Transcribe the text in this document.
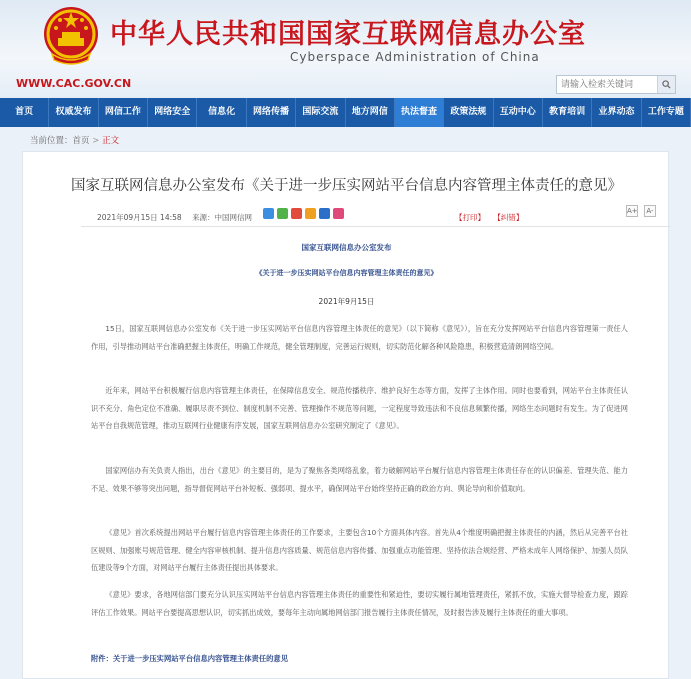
中华人民共和国国家互联网信息办公室
Cyberspace Administration of China
WWW.CAC.GOV.CN
请输入检索关键词
首页	权威发布	网信工作	网络安全	信息化	网络传播	国际交流	地方网信	执法督查	政策法规	互动中心	教育培训	业界动态	工作专题
当前位置：首页 > 正文
国家互联网信息办公室发布《关于进一步压实网站平台信息内容管理主体责任的意见》
2021年09月15日 14:58 来源：中国网信网	【打印】 【纠错】
A+	A-
国家互联网信息办公室发布
《关于进一步压实网站平台信息内容管理主体责任的意见》
2021年9月15日
15日，国家互联网信息办公室发布《关于进一步压实网站平台信息内容管理主体责任的意见》（以下简称《意见》），旨在充分发挥网站平台信息内容管理第一责任人作用，引导推动网站平台准确把握主体责任，明确工作规范，健全管理制度，完善运行规则，切实防范化解各种风险隐患，积极营造清朗网络空间。
近年来，网站平台积极履行信息内容管理主体责任，在保障信息安全、规范传播秩序、维护良好生态等方面，发挥了主体作用。同时也要看到，网站平台主体责任认识不充分、角色定位不准确、履职尽责不到位、制度机制不完善、管理操作不规范等问题，一定程度导致违法和不良信息频繁传播，网络生态问题时有发生。为了促进网站平台自我规范管理，推动互联网行业健康有序发展，国家互联网信息办公室研究制定了《意见》。
国家网信办有关负责人指出，出台《意见》的主要目的，是为了聚焦各类网络乱象，着力破解网站平台履行信息内容管理主体责任存在的认识偏差、管理失范、能力不足、效果不够等突出问题，指导督促网站平台补短板、强弱项、提水平，确保网站平台始终坚持正确的政治方向、舆论导向和价值取向。
《意见》首次系统提出网站平台履行信息内容管理主体责任的工作要求，主要包含10个方面具体内容。首先从4个维度明确把握主体责任的内涵，然后从完善平台社区规则、加强账号规范管理、健全内容审核机制、提升信息内容质量、规范信息内容传播、加强重点功能管理、坚持依法合规经营、严格未成年人网络保护、加强人员队伍建设等9个方面，对网站平台履行主体责任提出具体要求。
《意见》要求，各地网信部门要充分认识压实网站平台信息内容管理主体责任的重要性和紧迫性，要切实履行属地管理责任，紧抓不放，实施大督导检查力度，跟踪评估工作效果。网站平台要提高思想认识，切实抓出成效，要每年主动向属地网信部门报告履行主体责任情况，及时报告涉及履行主体责任的重大事项。
附件：关于进一步压实网站平台信息内容管理主体责任的意见
